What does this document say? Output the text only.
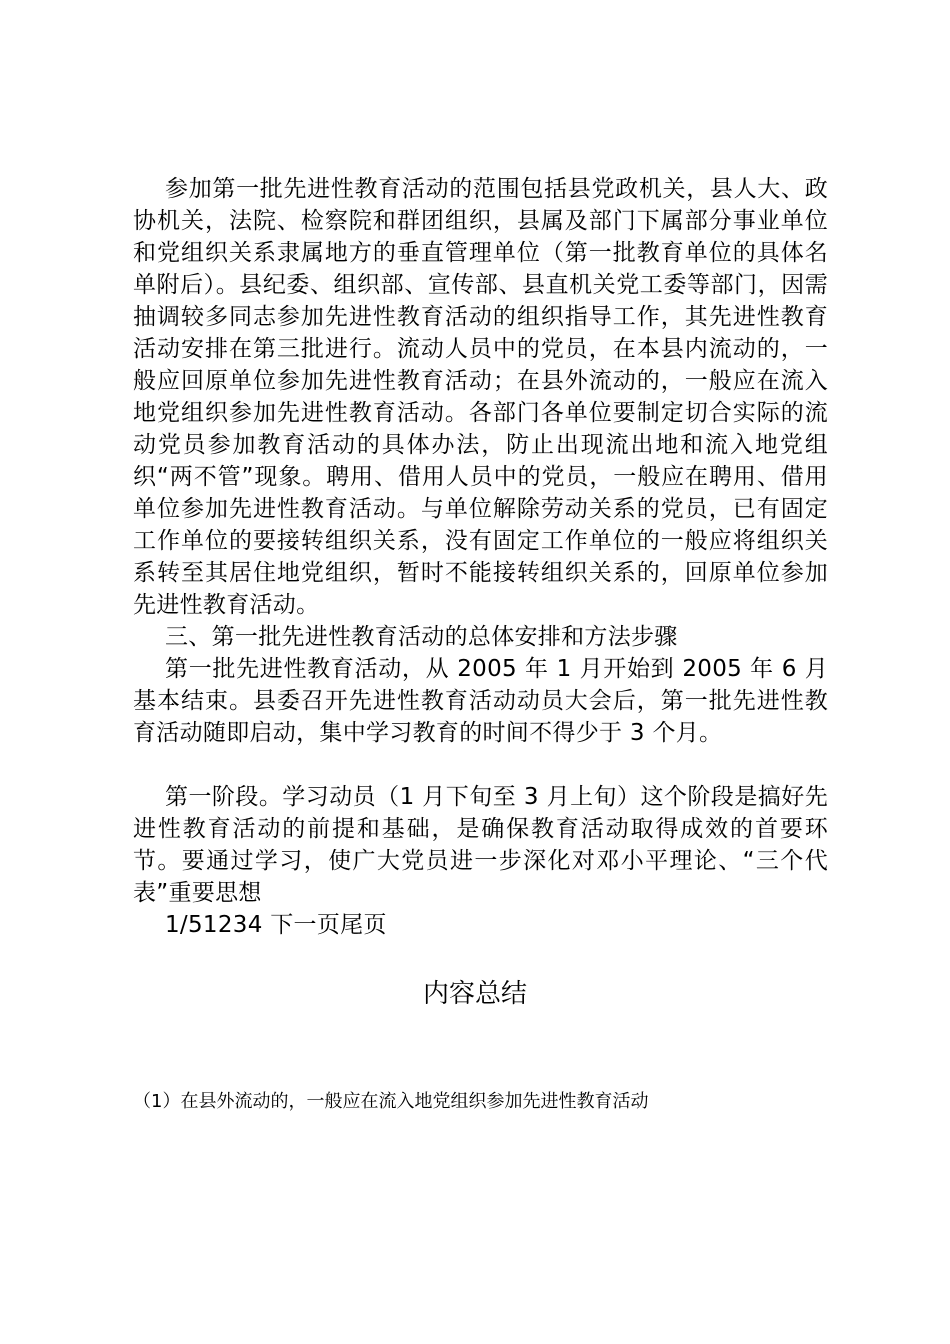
参加第一批先进性教育活动的范围包括县党政机关，县人大、政协机关，法院、检察院和群团组织，县属及部门下属部分事业单位和党组织关系隶属地方的垂直管理单位（第一批教育单位的具体名单附后）。县纪委、组织部、宣传部、县直机关党工委等部门，因需抽调较多同志参加先进性教育活动的组织指导工作，其先进性教育活动安排在第三批进行。流动人员中的党员，在本县内流动的，一般应回原单位参加先进性教育活动；在县外流动的，一般应在流入地党组织参加先进性教育活动。各部门各单位要制定切合实际的流动党员参加教育活动的具体办法，防止出现流出地和流入地党组织“两不管”现象。聘用、借用人员中的党员，一般应在聘用、借用单位参加先进性教育活动。与单位解除劳动关系的党员，已有固定工作单位的要接转组织关系，没有固定工作单位的一般应将组织关系转至其居住地党组织，暂时不能接转组织关系的，回原单位参加先进性教育活动。

三、第一批先进性教育活动的总体安排和方法步骤

第一批先进性教育活动，从 2005 年 1 月开始到 2005 年 6 月基本结束。县委召开先进性教育活动动员大会后，第一批先进性教育活动随即启动，集中学习教育的时间不得少于 3 个月。

第一阶段。学习动员（1 月下旬至 3 月上旬）这个阶段是搞好先进性教育活动的前提和基础，是确保教育活动取得成效的首要环节。要通过学习，使广大党员进一步深化对邓小平理论、“三个代表”重要思想

1/51234 下一页尾页

内容总结
（1）在县外流动的，一般应在流入地党组织参加先进性教育活动
